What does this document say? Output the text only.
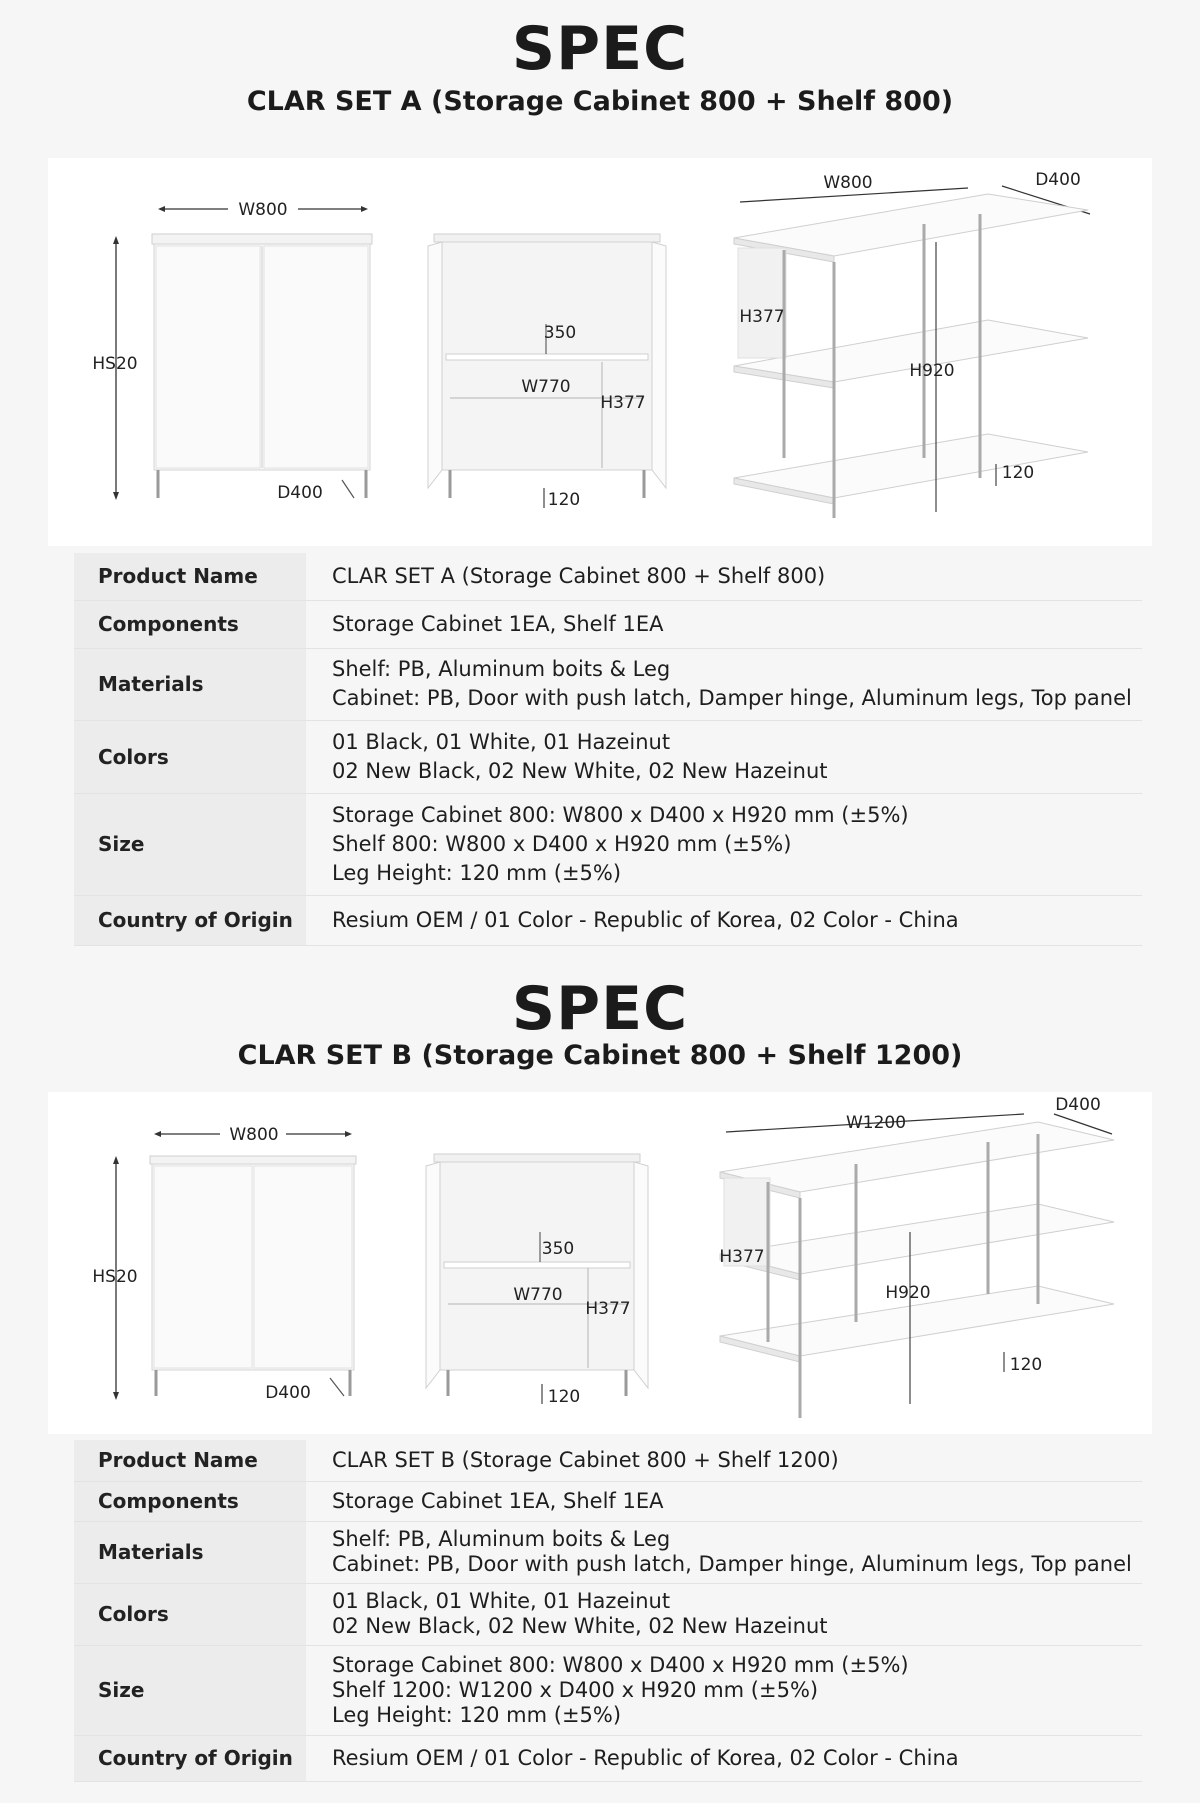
SPEC
CLAR SET A (Storage Cabinet 800 + Shelf 800)
W800
HS20
D400
350
W770
H377
120
W800	D400
H377
H920
120
Product Name	CLAR SET A (Storage Cabinet 800 + Shelf 800)

Components	Storage Cabinet 1EA, Shelf 1EA

Materials	Shelf: PB, Aluminum boits & Leg
Cabinet: PB, Door with push latch, Damper hinge, Aluminum legs, Top panel

Colors	01 Black, 01 White, 01 Hazeinut
02 New Black, 02 New White, 02 New Hazeinut

Size	Storage Cabinet 800: W800 x D400 x H920 mm (±5%)
Shelf 800: W800 x D400 x H920 mm (±5%)
Leg Height: 120 mm (±5%)

Country of Origin	Resium OEM / 01 Color - Republic of Korea, 02 Color - China
SPEC
CLAR SET B (Storage Cabinet 800 + Shelf 1200)
W800
HS20
D400
350
W770
H377
120
W1200
D400
H377
H920
120
Product Name	CLAR SET B (Storage Cabinet 800 + Shelf 1200)

Components	Storage Cabinet 1EA, Shelf 1EA

Materials	Shelf: PB, Aluminum boits & Leg
Cabinet: PB, Door with push latch, Damper hinge, Aluminum legs, Top panel

Colors	01 Black, 01 White, 01 Hazeinut
02 New Black, 02 New White, 02 New Hazeinut

Size	Storage Cabinet 800: W800 x D400 x H920 mm (±5%)
Shelf 1200: W1200 x D400 x H920 mm (±5%)
Leg Height: 120 mm (±5%)

Country of Origin	Resium OEM / 01 Color - Republic of Korea, 02 Color - China
